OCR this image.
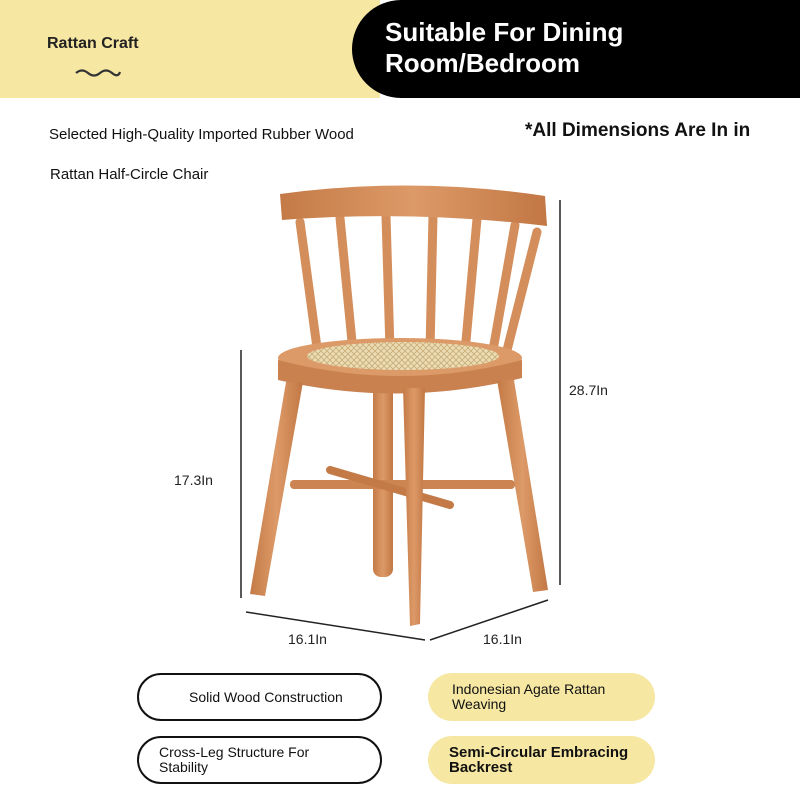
Rattan Craft	Suitable For Dining Room/Bedroom
Selected High-Quality Imported Rubber Wood
Rattan Half-Circle Chair
*All Dimensions Are In in
28.7In
17.3In
16.1In	16.1In
Solid Wood Construction	Indonesian Agate Rattan Weaving
Cross-Leg Structure For Stability
Semi-Circular Embracing Backrest
